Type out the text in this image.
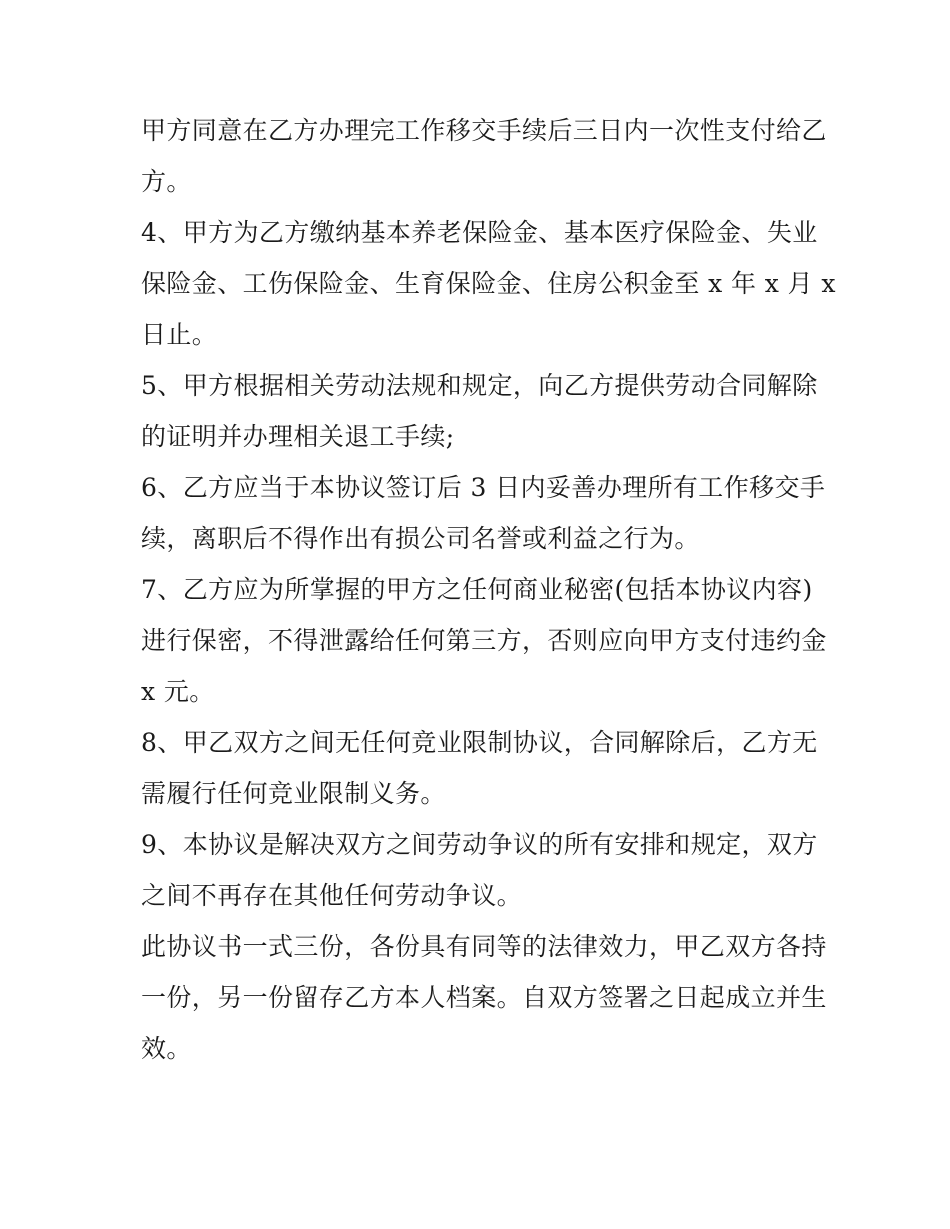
甲方同意在乙方办理完工作移交手续后三日内一次性支付给乙
方。

4、甲方为乙方缴纳基本养老保险金、基本医疗保险金、失业
保险金、工伤保险金、生育保险金、住房公积金至 x 年 x 月 x
日止。

5、甲方根据相关劳动法规和规定，向乙方提供劳动合同解除
的证明并办理相关退工手续;

6、乙方应当于本协议签订后 3 日内妥善办理所有工作移交手
续，离职后不得作出有损公司名誉或利益之行为。

7、乙方应为所掌握的甲方之任何商业秘密(包括本协议内容)
进行保密，不得泄露给任何第三方，否则应向甲方支付违约金
x 元。

8、甲乙双方之间无任何竞业限制协议，合同解除后，乙方无
需履行任何竞业限制义务。

9、本协议是解决双方之间劳动争议的所有安排和规定，双方
之间不再存在其他任何劳动争议。

此协议书一式三份，各份具有同等的法律效力，甲乙双方各持
一份，另一份留存乙方本人档案。自双方签署之日起成立并生
效。
